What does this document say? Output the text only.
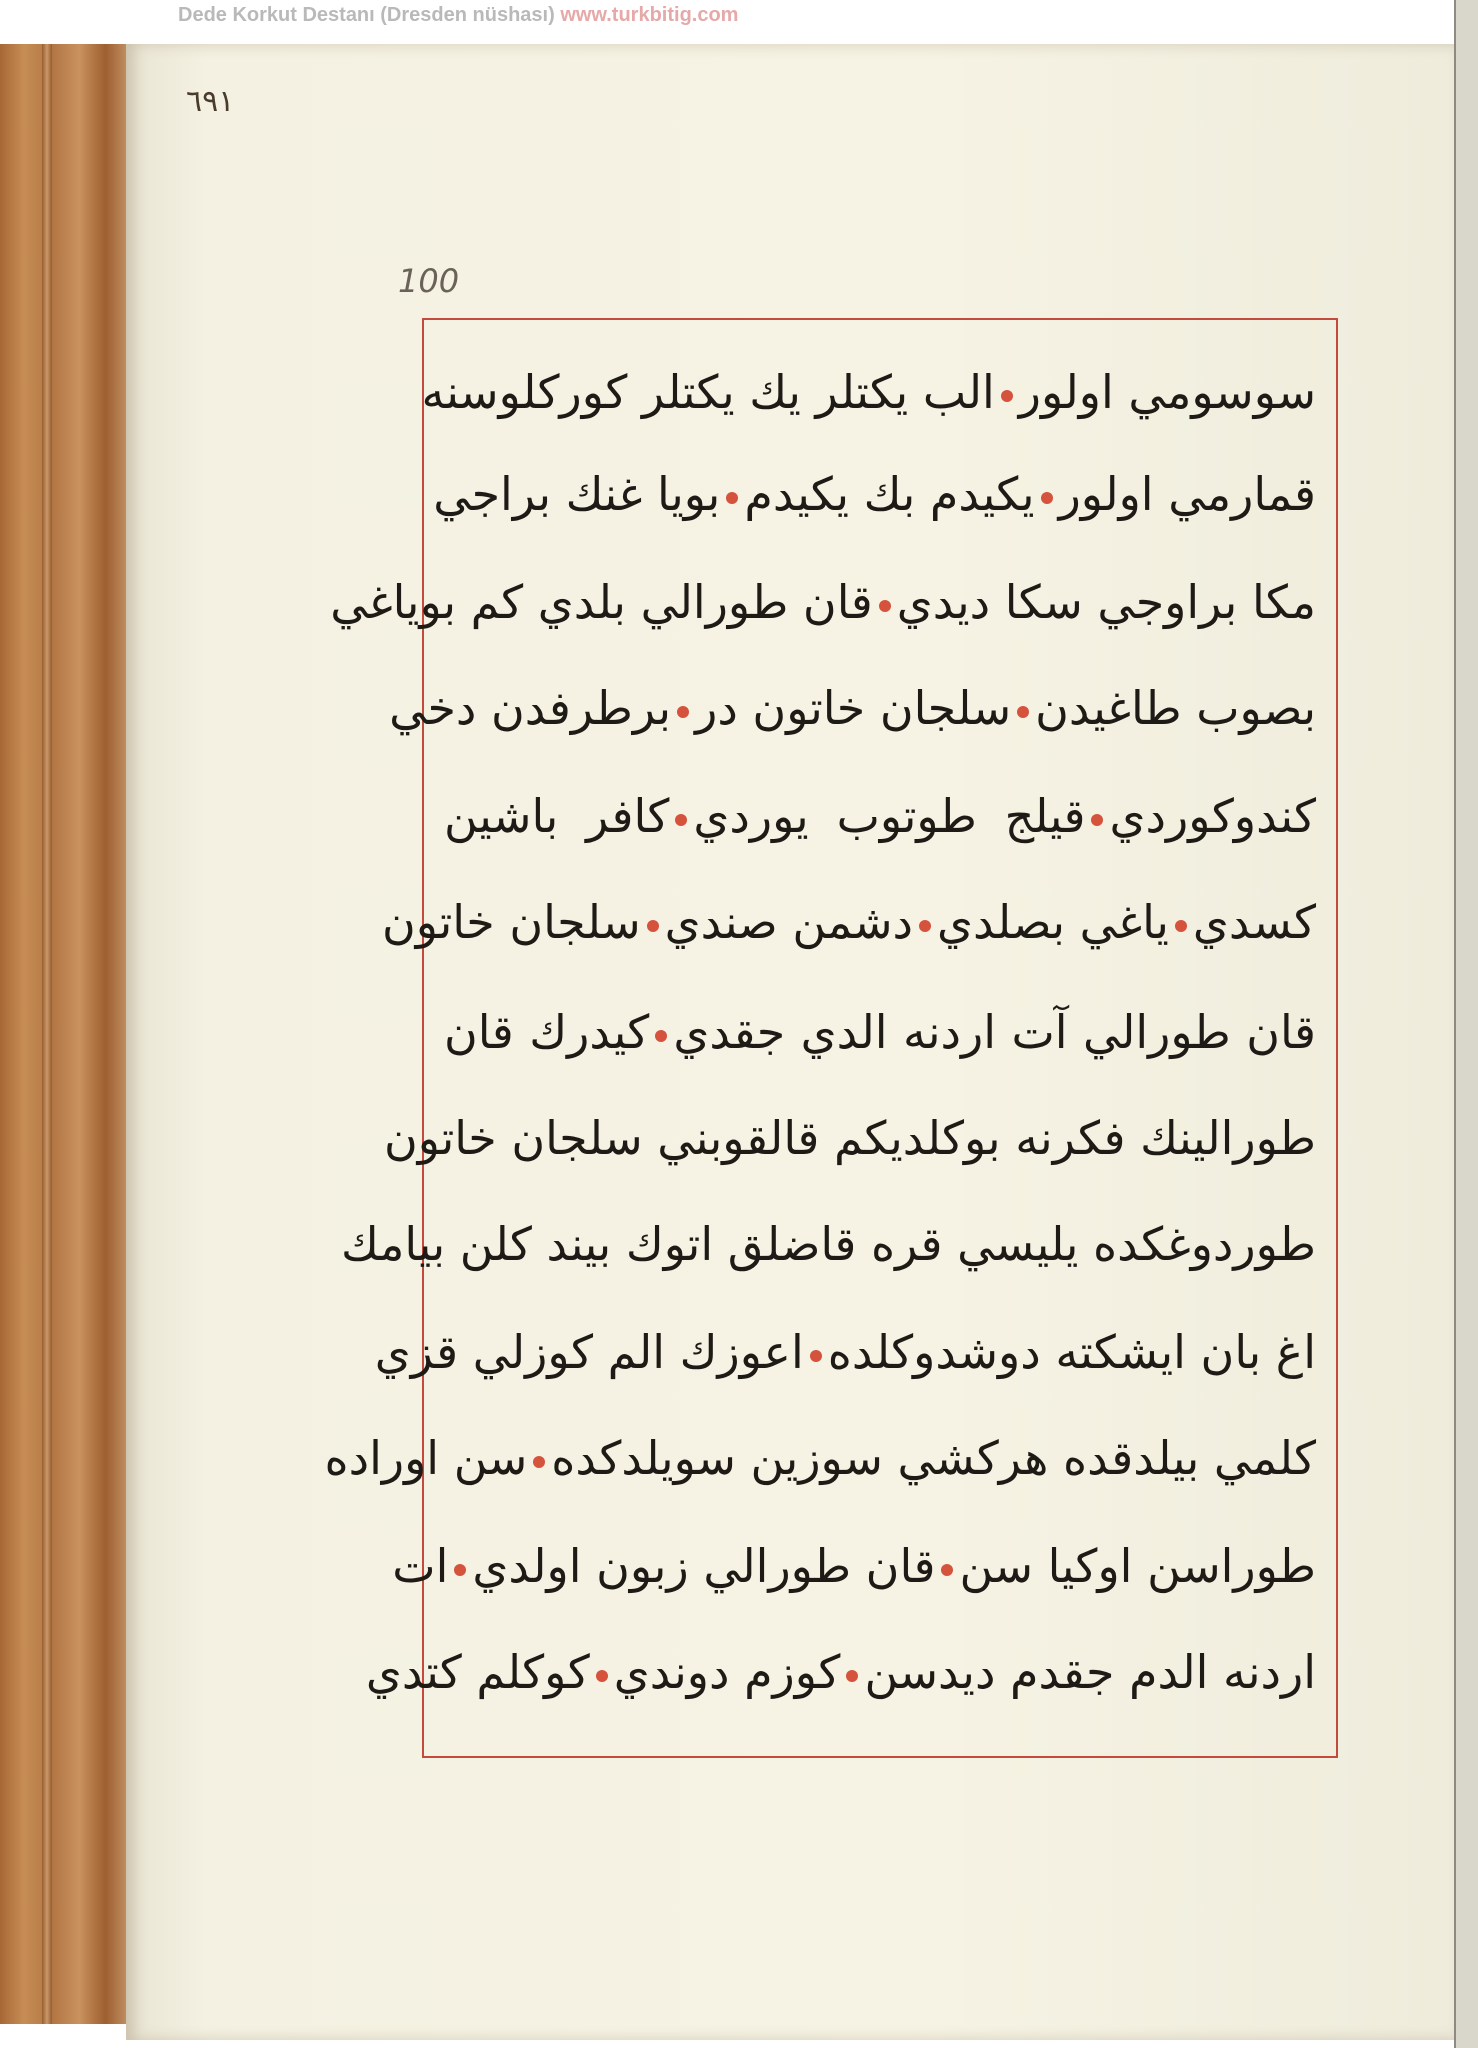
Dede Korkut Destanı (Dresden nüshası) www.turkbitig.com
١٩٦
100
سوسومي اولورالب يكتلر يك يكتلر كوركلوسنه
قمارمي اولوريكيدم بك يكيدمبويا غنك براجي
مكا براوجي سكا ديديقان طورالي بلدي كم بوياغي
بصوب طاغيدنسلجان خاتون دربرطرفدن دخي
كندوكورديقيلج طوتوب يورديكافر باشين
كسديياغي بصلديدشمن صنديسلجان خاتون
قان طورالي آت اردنه الدي جقديكيدرك قان
طورالينك فكرنه بوكلديكم قالقوبني سلجان خاتون
طوردوغكده يليسي قره قاضلق اتوك بيند كلن بيامك
اغ بان ايشكته دوشدوكلدهاعوزك الم كوزلي قزي
كلمي بيلدقده هركشي سوزين سويلدكدهسن اوراده
طوراسن اوكيا سنقان طورالي زبون اولديات
اردنه الدم جقدم ديدسنكوزم دونديكوكلم كتدي
